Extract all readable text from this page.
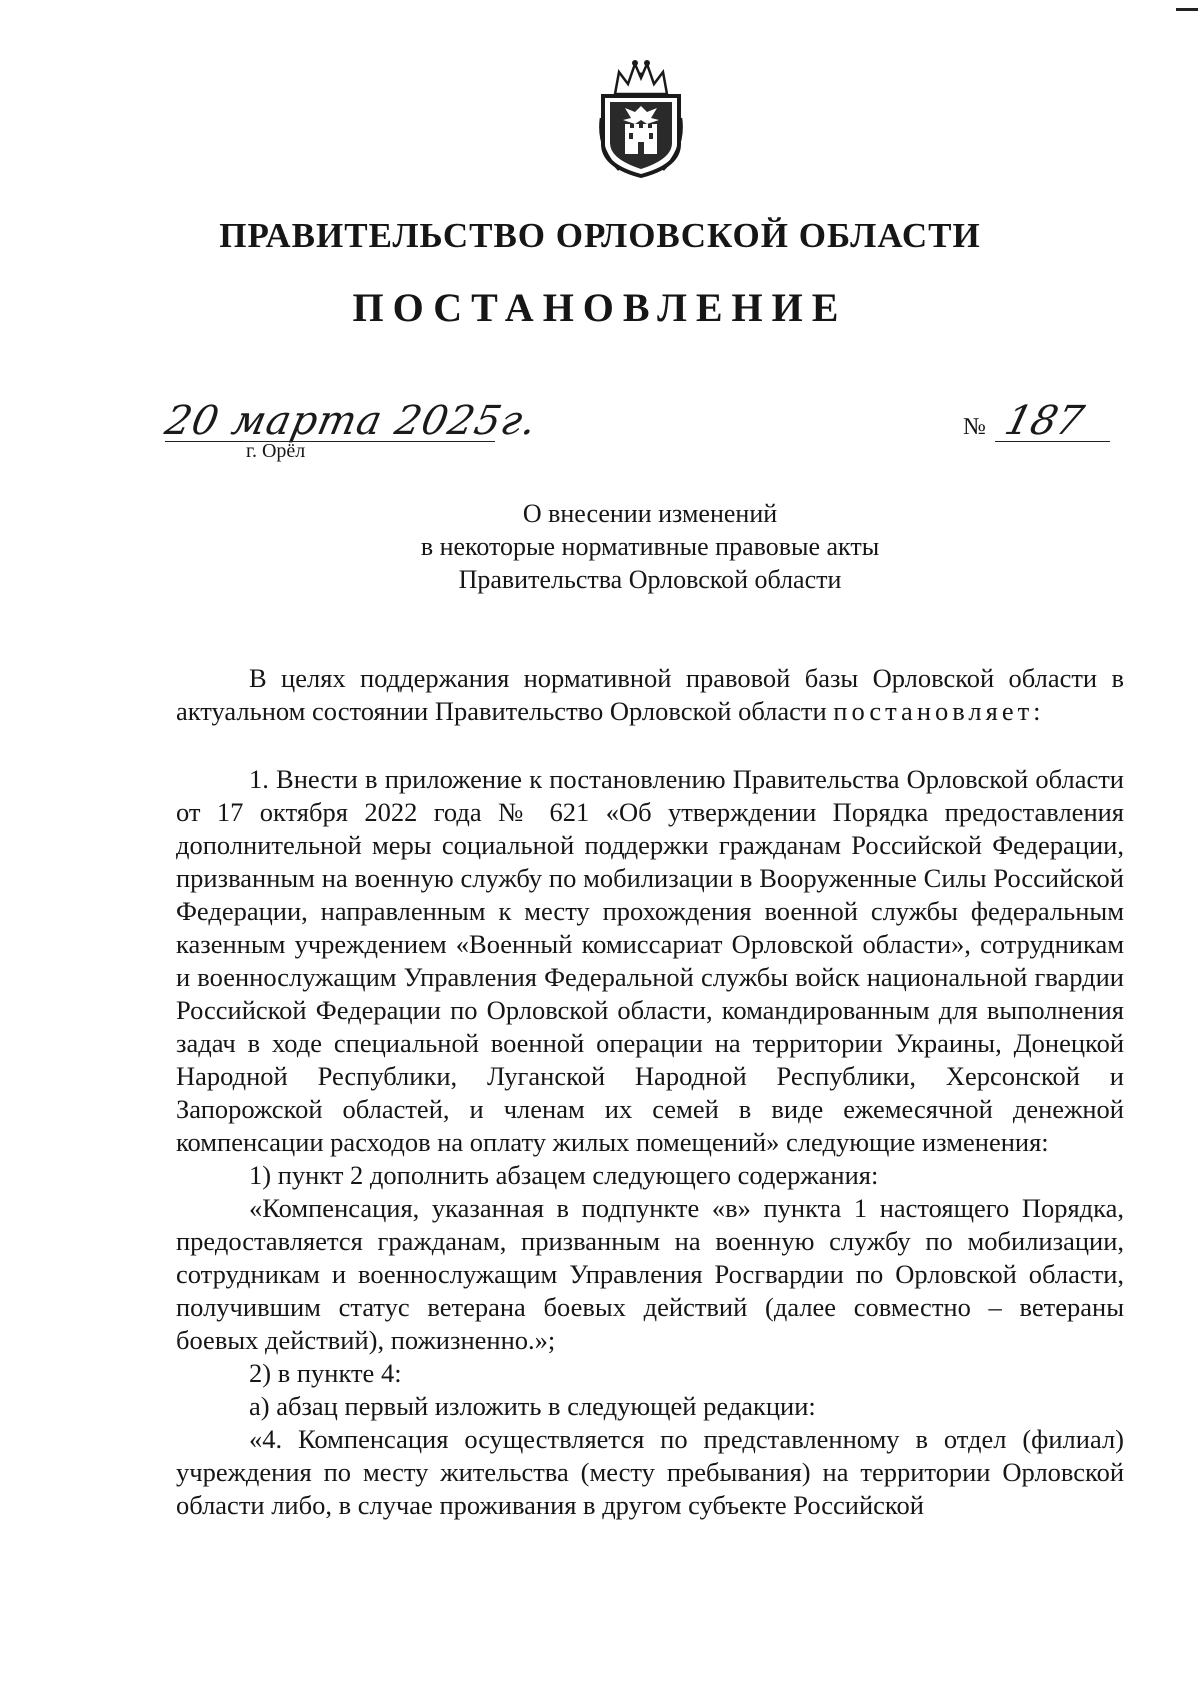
ПРАВИТЕЛЬСТВО ОРЛОВСКОЙ ОБЛАСТИ
ПОСТАНОВЛЕНИЕ
20 марта 2025г.
г. Орёл
№ 187
О внесении изменений
в некоторые нормативные правовые акты
Правительства Орловской области

В целях поддержания нормативной правовой базы Орловской области в актуальном состоянии Правительство Орловской области постановляет:

1. Внести в приложение к постановлению Правительства Орловской области от 17 октября 2022 года № 621 «Об утверждении Порядка предоставления дополнительной меры социальной поддержки гражданам Российской Федерации, призванным на военную службу по мобилизации в Вооруженные Силы Российской Федерации, направленным к месту прохождения военной службы федеральным казенным учреждением «Военный комиссариат Орловской области», сотрудникам и военнослужащим Управления Федеральной службы войск национальной гвардии Российской Федерации по Орловской области, командированным для выполнения задач в ходе специальной военной операции на территории Украины, Донецкой Народной Республики, Луганской Народной Республики, Херсонской и Запорожской областей, и членам их семей в виде ежемесячной денежной компенсации расходов на оплату жилых помещений» следующие изменения:

1) пункт 2 дополнить абзацем следующего содержания:

«Компенсация, указанная в подпункте «в» пункта 1 настоящего Порядка, предоставляется гражданам, призванным на военную службу по мобилизации, сотрудникам и военнослужащим Управления Росгвардии по Орловской области, получившим статус ветерана боевых действий (далее совместно – ветераны боевых действий), пожизненно.»;

2) в пункте 4:

а) абзац первый изложить в следующей редакции:

«4. Компенсация осуществляется по представленному в отдел (филиал) учреждения по месту жительства (месту пребывания) на территории Орловской области либо, в случае проживания в другом субъекте Российской
